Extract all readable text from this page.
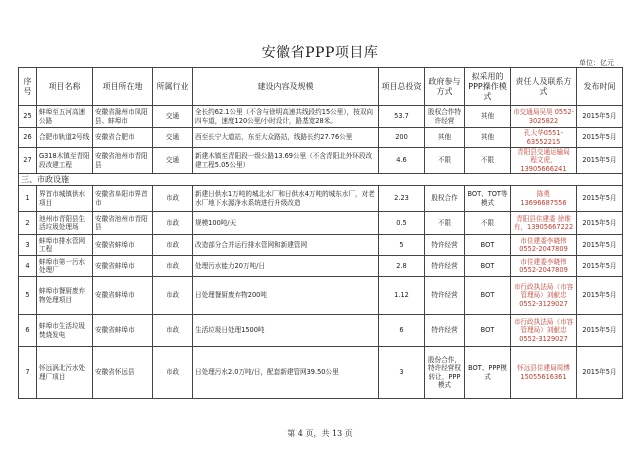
安徽省PPP项目库
单位：亿元
序号	项目名称	项目所在地	所属行业	建设内容及规模	项目总投资	政府参与方式	拟采用的PPP操作模式	责任人及联系方式	发布时间
25	蚌埠至五河高速公路	安徽省滁州市凤阳县、蚌埠市	交通	全长约62.1公里（不含与徐明高速共线段约15公里），按双向四车道，速度120公里/小时设计，路基宽28米。	53.7	股权合作特许经营	其他	市交通局吴昊 0552-3025822	2015年5月
26	合肥市轨道2号线	安徽省合肥市	交通	西至长宁大道站，东至大众路站，线路长约27.76公里	200	其他	其他	孔大华0551-63552215	2015年5月
27	G318木镇至青阳段改建工程	安徽省池州市青阳县	交通	新建木镇至青阳段一级公路13.69公里（不含青阳北外环段改建工程5.05公里）	4.6	不限	不限	青阳县交通运输局 程文虎，13905666241	2015年5月
三、市政设施									
1	界首市城镇供水项目	安徽省阜阳市界首市	市政	新建日供水1万吨的城北水厂和日供水4万吨的城东水厂，对老水厂地下水源净水系统进行升级改造	2.23	股权合作	BOT、TOT等模式	陈勇 13696687556	2015年5月
2	池州市青阳县生活垃圾处理场	安徽省池州市青阳县	市政	规模100吨/天	0.5	不限	不限	青阳县住建委 徐维有，13905667222	2015年5月
3	蚌埠市排水管网工程	安徽省蚌埠市	市政	改造部分合并运行排水管网和新建管网	5	特许经营	BOT	市住建委李晓伟 0552-2047809	2015年5月
4	蚌埠市第一污水处理厂	安徽省蚌埠市	市政	处理污水能力20万吨/日	2.8	特许经营	BOT	市住建委李晓伟 0552-2047809	2015年5月
5	蚌埠市餐厨废弃物处理项目	安徽省蚌埠市	市政	日处理餐厨废弃物200吨	1.12	特许经营	BOT	市行政执法局（市容管理局）刘献忠0552-3129027	2015年5月
6	蚌埠市生活垃圾焚烧发电	安徽省蚌埠市	市政	生活垃圾日处理1500吨	6	特许经营	BOT	市行政执法局（市容管理局）刘献忠0552-3129027	2015年5月
7	怀远涡北污水处理厂项目	安徽省怀远县	市政	日处理污水2.0万吨/日，配套新建管网39.50公里	3	股份合作，特许经营权转让，PPP模式	BOT、PPP模式	怀远县住建局周博15055616361	2015年5月
第 4 页，共 13 页
